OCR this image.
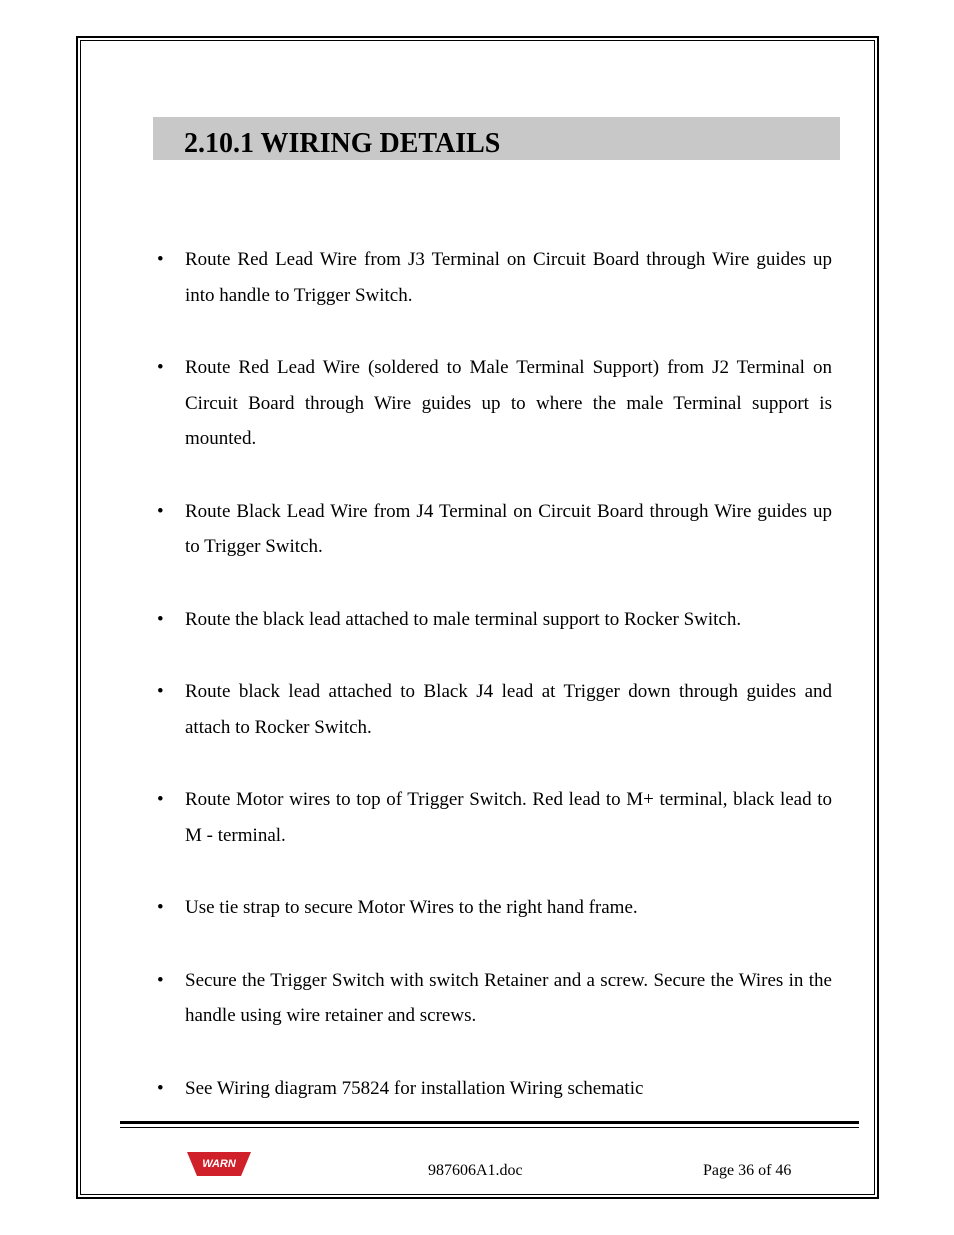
2.10.1 WIRING DETAILS
• Route Red Lead Wire from J3 Terminal on Circuit Board through Wire guides up into handle to Trigger Switch.
• Route Red Lead Wire (soldered to Male Terminal Support) from J2 Terminal on Circuit Board through Wire guides up to where the male Terminal support is mounted.
• Route Black Lead Wire from J4 Terminal on Circuit Board through Wire guides up to Trigger Switch.
• Route the black lead attached to male terminal support to Rocker Switch.
• Route black lead attached to Black J4 lead at Trigger down through guides and attach to Rocker Switch.
• Route Motor wires to top of Trigger Switch. Red lead to M+ terminal, black lead to M - terminal.
• Use tie strap to secure Motor Wires to the right hand frame.
• Secure the Trigger Switch with switch Retainer and a screw. Secure the Wires in the handle using wire retainer and screws.
• See Wiring diagram 75824 for installation Wiring schematic
WARN	987606A1.doc	Page 36 of 46
